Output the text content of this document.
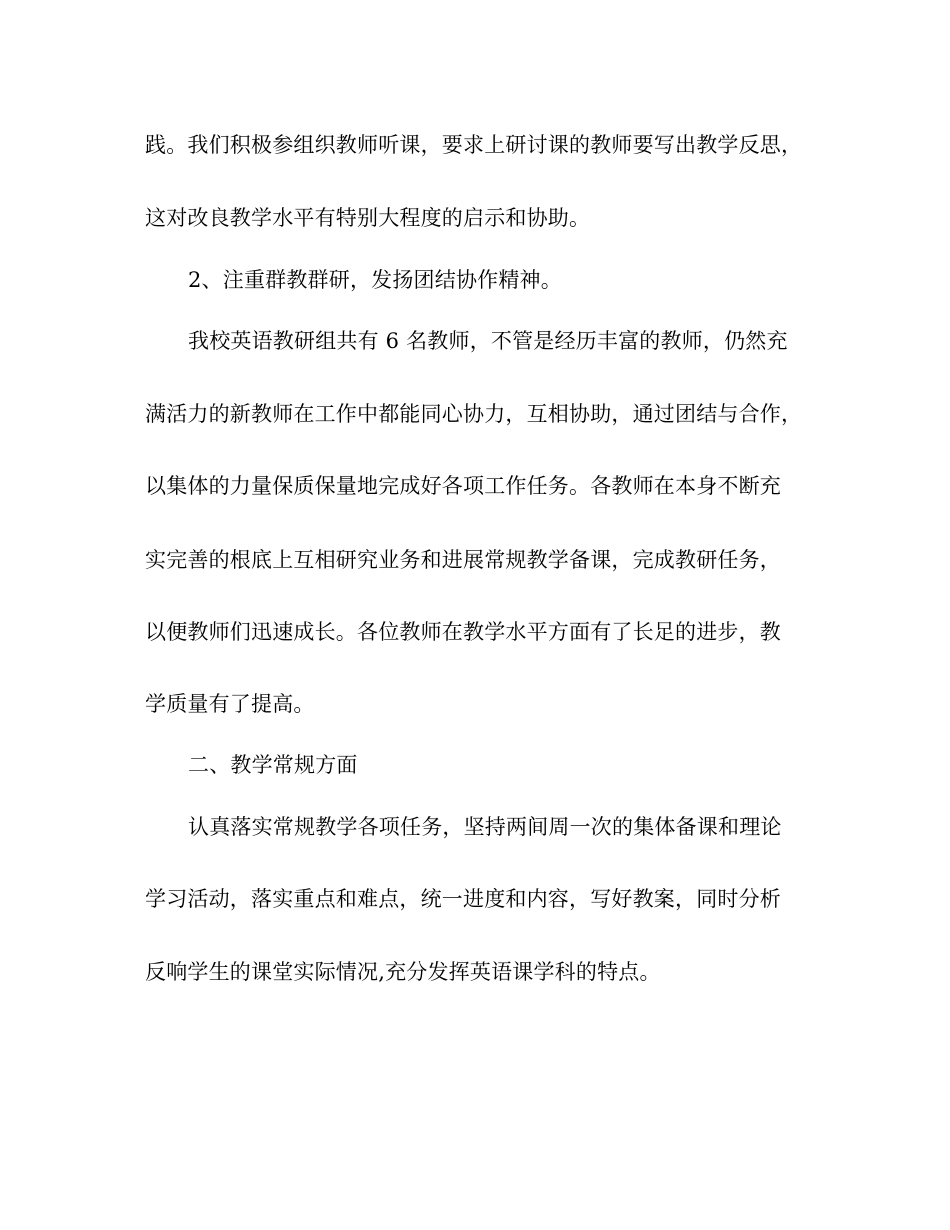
践。我们积极参组织教师听课，要求上研讨课的教师要写出教学反思，
这对改良教学水平有特别大程度的启示和协助。
2、注重群教群研，发扬团结协作精神。
我校英语教研组共有 6 名教师，不管是经历丰富的教师，仍然充
满活力的新教师在工作中都能同心协力，互相协助，通过团结与合作，
以集体的力量保质保量地完成好各项工作任务。各教师在本身不断充
实完善的根底上互相研究业务和进展常规教学备课，完成教研任务，
以便教师们迅速成长。各位教师在教学水平方面有了长足的进步，教
学质量有了提高。
二、教学常规方面
认真落实常规教学各项任务，坚持两间周一次的集体备课和理论
学习活动，落实重点和难点，统一进度和内容，写好教案，同时分析
反响学生的课堂实际情况,充分发挥英语课学科的特点。
